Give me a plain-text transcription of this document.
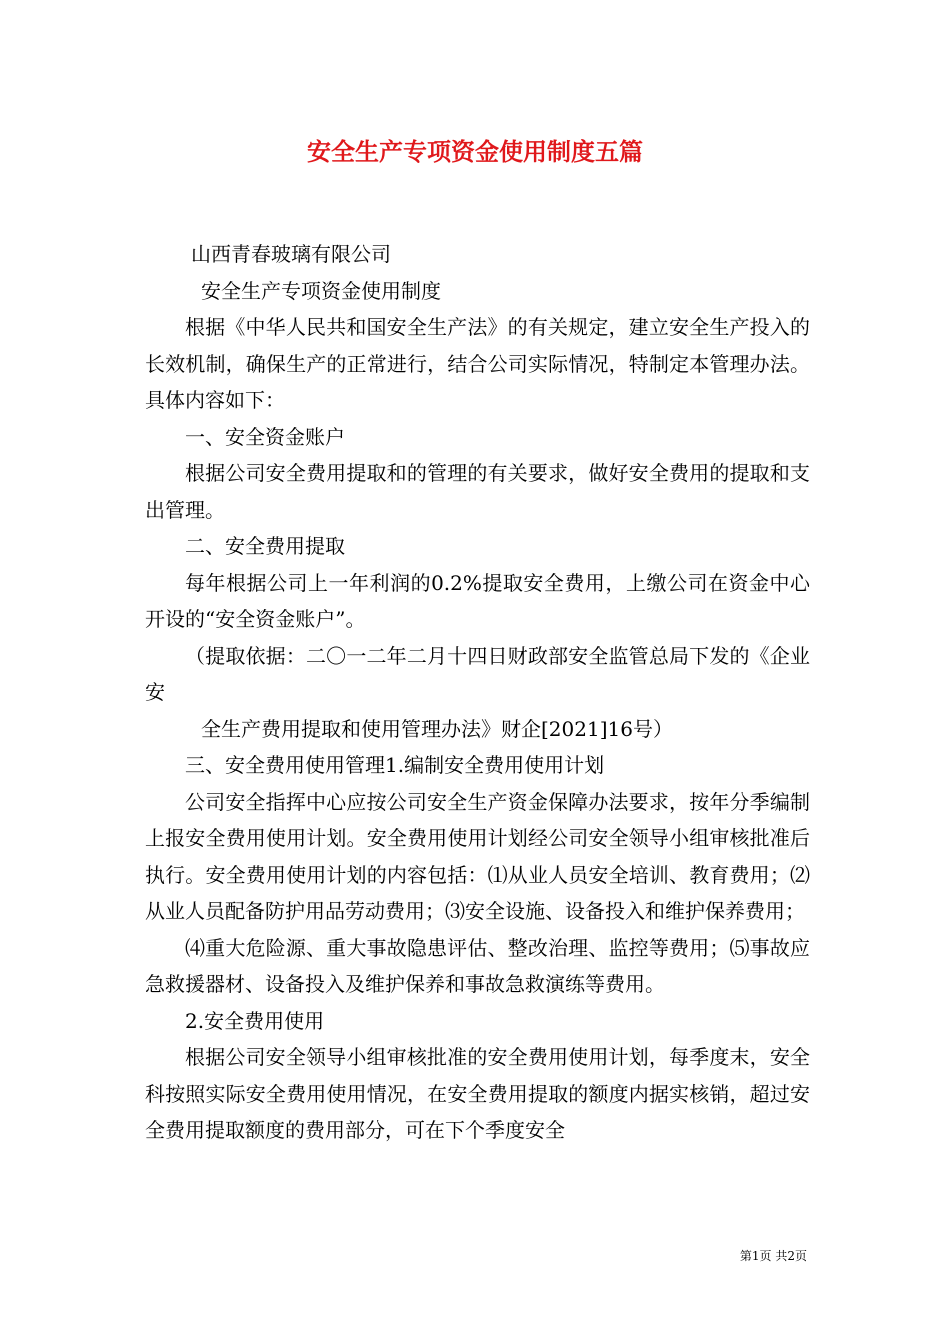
安全生产专项资金使用制度五篇

山西青春玻璃有限公司

安全生产专项资金使用制度

根据《中华人民共和国安全生产法》的有关规定，建立安全生产投入的长效机制，确保生产的正常进行，结合公司实际情况，特制定本管理办法。具体内容如下：

一、安全资金账户

根据公司安全费用提取和的管理的有关要求，做好安全费用的提取和支出管理。

二、安全费用提取

每年根据公司上一年利润的0.2%提取安全费用，上缴公司在资金中心开设的“安全资金账户”。

（提取依据：二〇一二年二月十四日财政部安全监管总局下发的《企业安

全生产费用提取和使用管理办法》财企[2021]16号）

三、安全费用使用管理1.编制安全费用使用计划

公司安全指挥中心应按公司安全生产资金保障办法要求，按年分季编制上报安全费用使用计划。安全费用使用计划经公司安全领导小组审核批准后执行。安全费用使用计划的内容包括：⑴从业人员安全培训、教育费用；⑵从业人员配备防护用品劳动费用；⑶安全设施、设备投入和维护保养费用；

⑷重大危险源、重大事故隐患评估、整改治理、监控等费用；⑸事故应急救援器材、设备投入及维护保养和事故急救演练等费用。

2.安全费用使用

根据公司安全领导小组审核批准的安全费用使用计划，每季度末，安全科按照实际安全费用使用情况，在安全费用提取的额度内据实核销，超过安全费用提取额度的费用部分，可在下个季度安全

第1页 共2页
